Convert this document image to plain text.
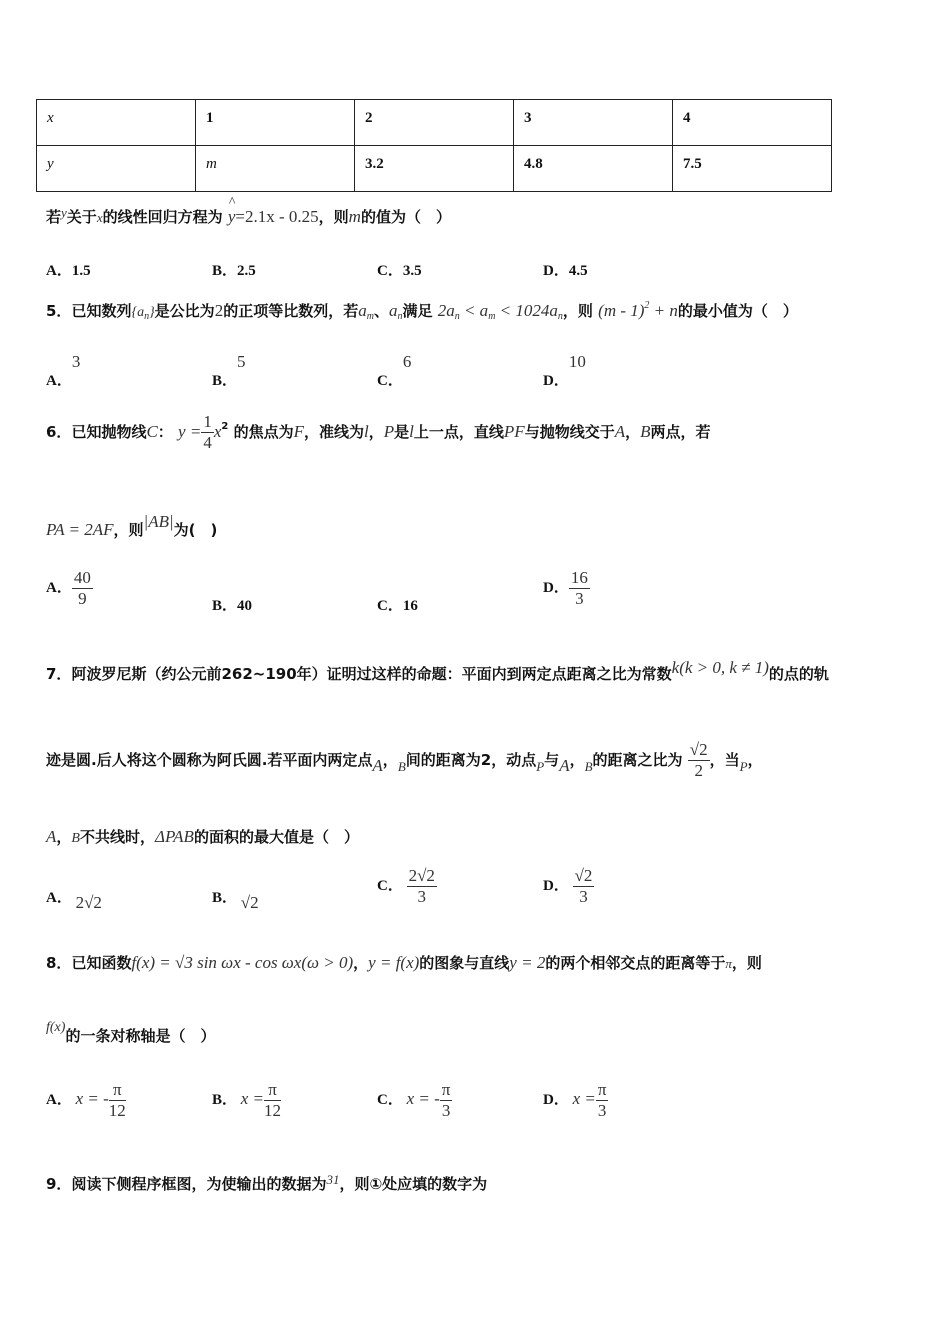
x	1	2	3	4
y	m	3.2	4.8	7.5
若y关于x的线性回归方程为 ^ y=2.1x - 0.25，则m的值为（　）
A．1.5	B．2.5	C．3.5	D．4.5
5．已知数列$\{a_n\}$是公比为2的正项等比数列，若$a_m$、$a_n$满足 $2a_n < a_m < 1024a_n$，则 (m - 1)$^2$ + n的最小值为（　）
A．3
B．5
C．6
D．10
6．已知抛物线C： $y = \frac{1}{4} x^2$ 的焦点为F，准线为l，P是l上一点，直线PF与抛物线交于A，B两点，若
PA = 2AF，则|AB|为(　)
A． $\frac{40}{9}$	B．40	C．16
D． $\frac{16}{3}$
7．阿波罗尼斯（约公元前262~190年）证明过这样的命题：平面内到两定点距离之比为常数k(k > 0, k ≠ 1)的点的轨
迹是圆.后人将这个圆称为阿氏圆.若平面内两定点A，B间的距离为2，动点P与A，B的距离之比为 $\frac{√2}{2}$ ，当P，
A，B不共线时，ΔPAB的面积的最大值是（　）
A． 2√2	B． √2
C． $\frac{2√2}{3}$	D． $\frac{√2}{3}$
8．已知函数f(x) = √3 sin ωx - cos ωx(ω > 0)，y = f(x)的图象与直线y = 2的两个相邻交点的距离等于π，则
f(x)的一条对称轴是（　）
A． x = - $\frac{\pi}{12}$	B． $x = \frac{\pi}{12}$	C． x = - $\frac{\pi}{3}$	D． $x = \frac{\pi}{3}$
9．阅读下侧程序框图，为使输出的数据为31，则①处应填的数字为
